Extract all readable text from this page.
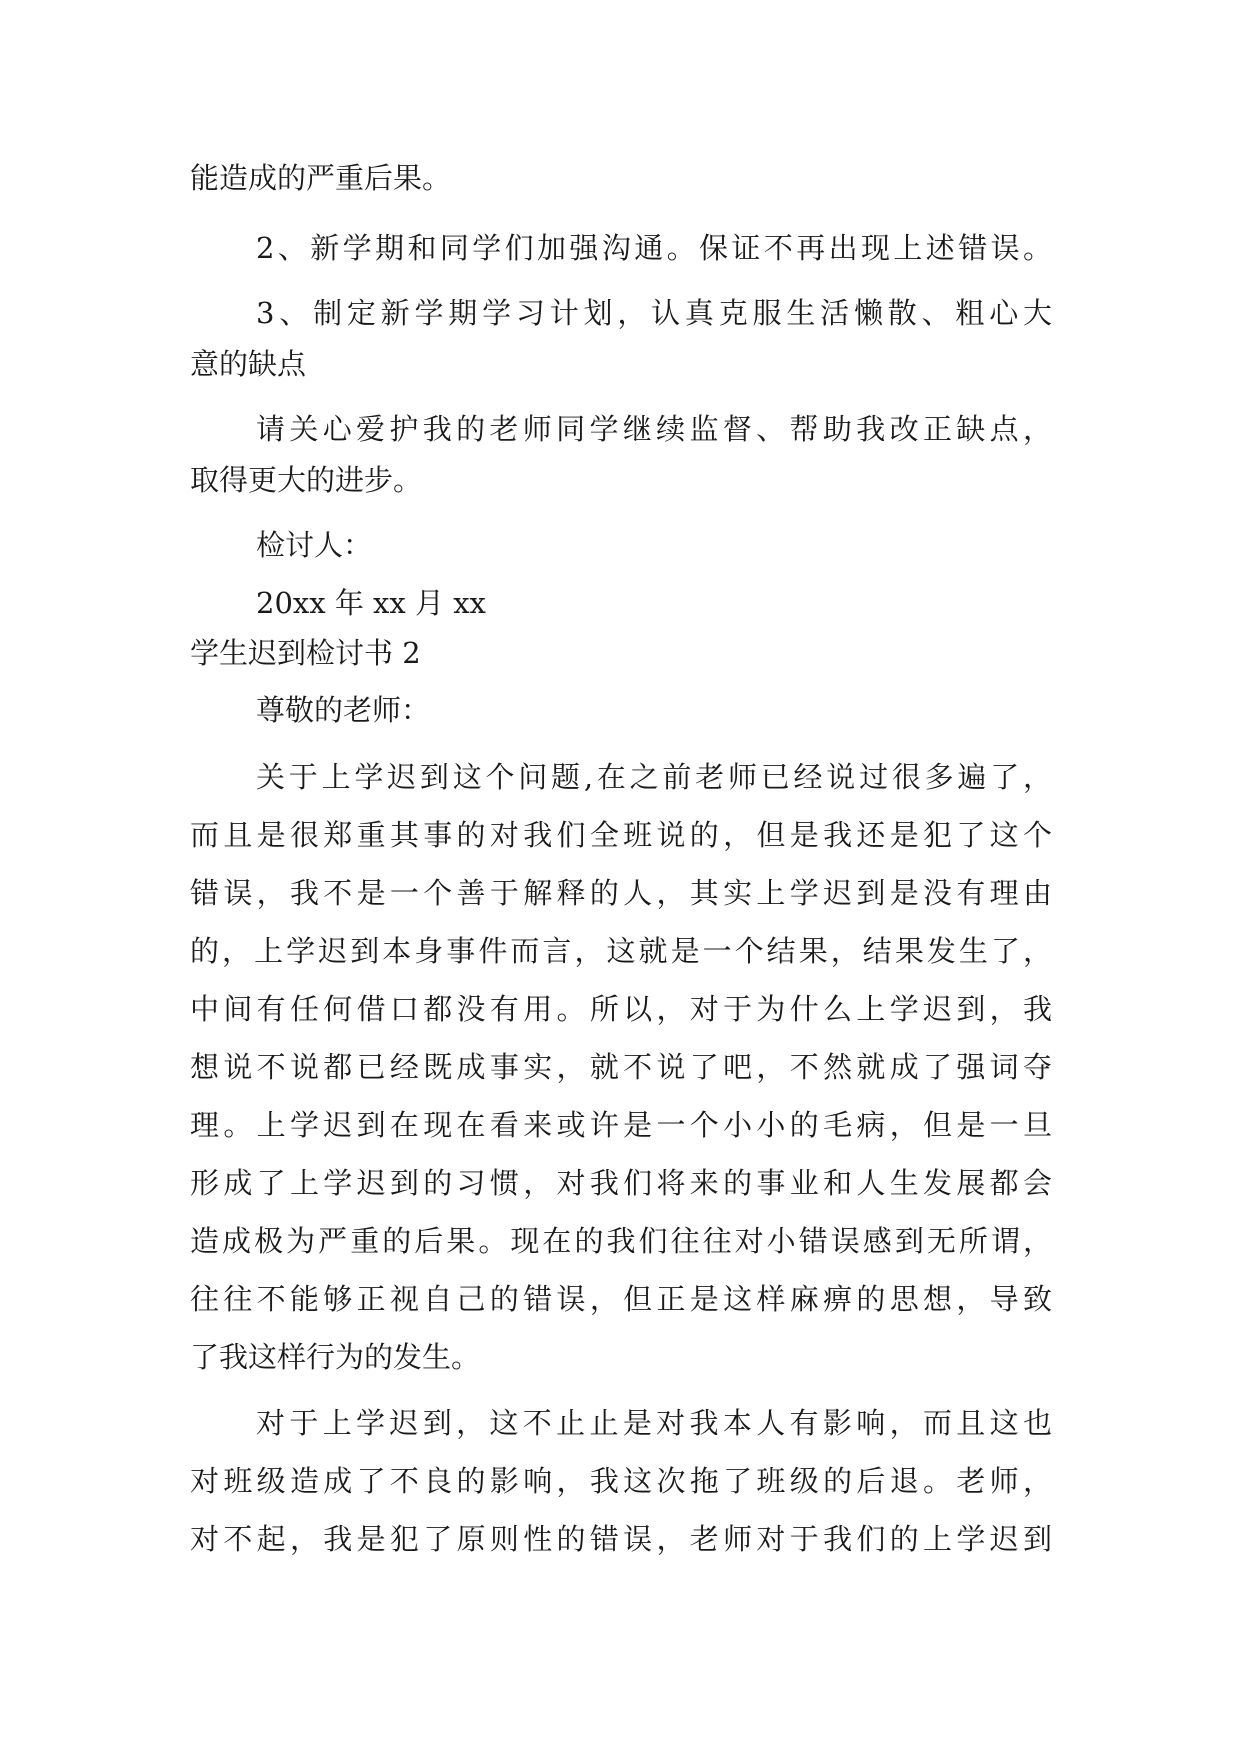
能造成的严重后果。

2、新学期和同学们加强沟通。保证不再出现上述错误。

3、制定新学期学习计划，认真克服生活懒散、粗心大

意的缺点

请关心爱护我的老师同学继续监督、帮助我改正缺点，

取得更大的进步。

检讨人：

20xx 年 xx 月 xx

学生迟到检讨书 2

尊敬的老师：

关于上学迟到这个问题,在之前老师已经说过很多遍了，

而且是很郑重其事的对我们全班说的，但是我还是犯了这个

错误，我不是一个善于解释的人，其实上学迟到是没有理由

的，上学迟到本身事件而言，这就是一个结果，结果发生了，

中间有任何借口都没有用。所以，对于为什么上学迟到，我

想说不说都已经既成事实，就不说了吧，不然就成了强词夺

理。上学迟到在现在看来或许是一个小小的毛病，但是一旦

形成了上学迟到的习惯，对我们将来的事业和人生发展都会

造成极为严重的后果。现在的我们往往对小错误感到无所谓，

往往不能够正视自己的错误，但正是这样麻痹的思想，导致

了我这样行为的发生。

对于上学迟到，这不止止是对我本人有影响，而且这也

对班级造成了不良的影响，我这次拖了班级的后退。老师，

对不起，我是犯了原则性的错误，老师对于我们的上学迟到
